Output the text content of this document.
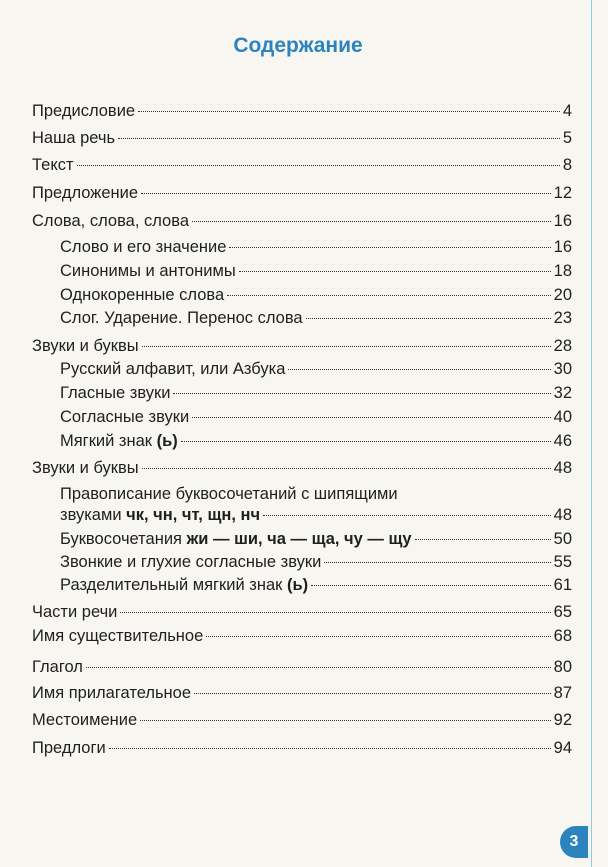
Содержание
Предисловие	4
Наша речь	5
Текст	8
Предложение	12
Слова, слова, слова	16
Слово и его значение	16
Синонимы и антонимы	18
Однокоренные слова	20
Слог. Ударение. Перенос слова	23
Звуки и буквы	28
Русский алфавит, или Азбука	30
Гласные звуки	32
Согласные звуки	40
Мягкий знак (ь)	46
Звуки и буквы	48
Правописание буквосочетаний с шипящими
звуками чк, чн, чт, щн, нч	48
Буквосочетания жи — ши, ча — ща, чу — щу	50
Звонкие и глухие согласные звуки	55
Разделительный мягкий знак (ь)	61
Части речи	65
Имя существительное	68
Глагол	80
Имя прилагательное	87
Местоимение	92
Предлоги	94
3
